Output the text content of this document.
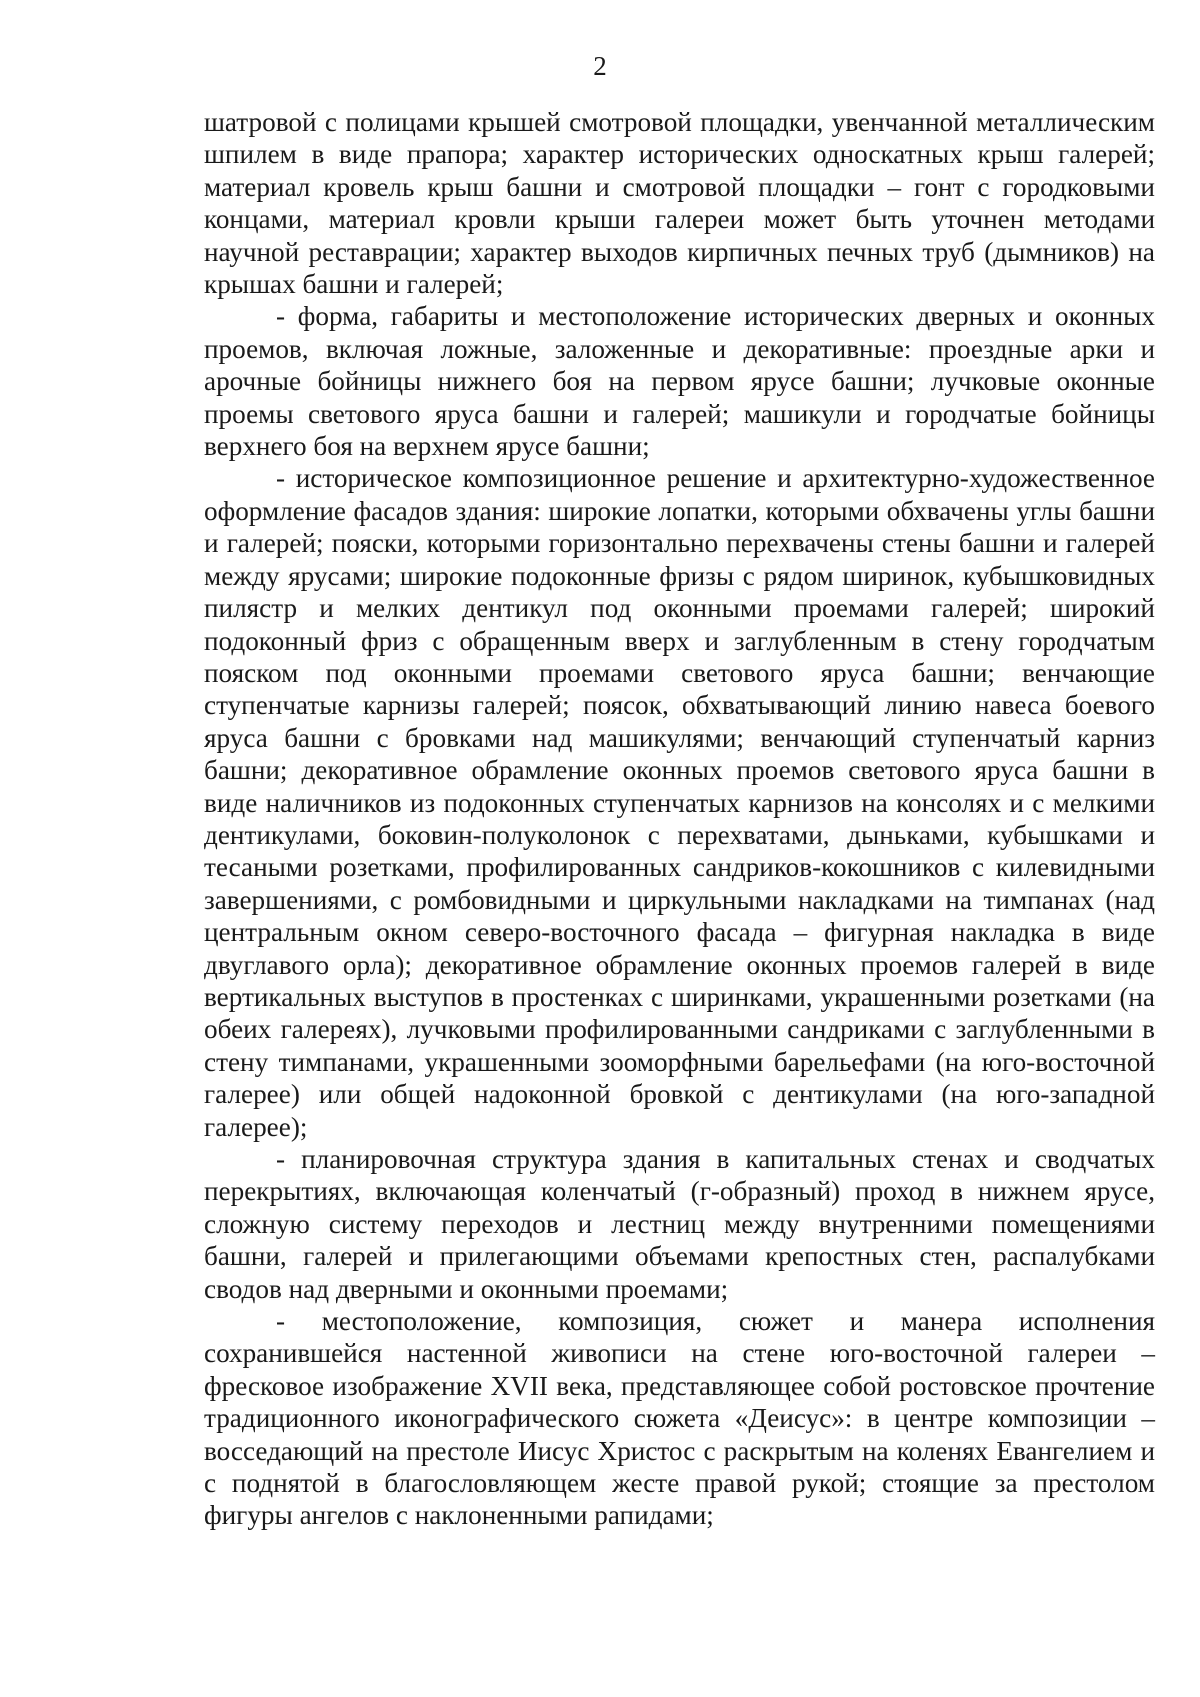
2

шатровой с полицами крышей смотровой площадки, увенчанной металлическим шпилем в виде прапора; характер исторических односкатных крыш галерей; материал кровель крыш башни и смотровой площадки – гонт с городковыми концами, материал кровли крыши галереи может быть уточнен методами научной реставрации; характер выходов кирпичных печных труб (дымников) на крышах башни и галерей;

- форма, габариты и местоположение исторических дверных и оконных проемов, включая ложные, заложенные и декоративные: проездные арки и арочные бойницы нижнего боя на первом ярусе башни; лучковые оконные проемы светового яруса башни и галерей; машикули и городчатые бойницы верхнего боя на верхнем ярусе башни;

- историческое композиционное решение и архитектурно-художественное оформление фасадов здания: широкие лопатки, которыми обхвачены углы башни и галерей; пояски, которыми горизонтально перехвачены стены башни и галерей между ярусами; широкие подоконные фризы с рядом ширинок, кубышковидных пилястр и мелких дентикул под оконными проемами галерей; широкий подоконный фриз с обращенным вверх и заглубленным в стену городчатым пояском под оконными проемами светового яруса башни; венчающие ступенчатые карнизы галерей; поясок, обхватывающий линию навеса боевого яруса башни с бровками над машикулями; венчающий ступенчатый карниз башни; декоративное обрамление оконных проемов светового яруса башни в виде наличников из подоконных ступенчатых карнизов на консолях и с мелкими дентикулами, боковин-полуколонок с перехватами, дыньками, кубышками и тесаными розетками, профилированных сандриков-кокошников с килевидными завершениями, с ромбовидными и циркульными накладками на тимпанах (над центральным окном северо-восточного фасада – фигурная накладка в виде двуглавого орла); декоративное обрамление оконных проемов галерей в виде вертикальных выступов в простенках с ширинками, украшенными розетками (на обеих галереях), лучковыми профилированными сандриками с заглубленными в стену тимпанами, украшенными зооморфными барельефами (на юго-восточной галерее) или общей надоконной бровкой с дентикулами (на юго-западной галерее);

- планировочная структура здания в капитальных стенах и сводчатых перекрытиях, включающая коленчатый (г-образный) проход в нижнем ярусе, сложную систему переходов и лестниц между внутренними помещениями башни, галерей и прилегающими объемами крепостных стен, распалубками сводов над дверными и оконными проемами;

- местоположение, композиция, сюжет и манера исполнения сохранившейся настенной живописи на стене юго-восточной галереи – фресковое изображение XVII века, представляющее собой ростовское прочтение традиционного иконографического сюжета «Деисус»: в центре композиции – восседающий на престоле Иисус Христос с раскрытым на коленях Евангелием и с поднятой в благословляющем жесте правой рукой; стоящие за престолом фигуры ангелов с наклоненными рапидами;
